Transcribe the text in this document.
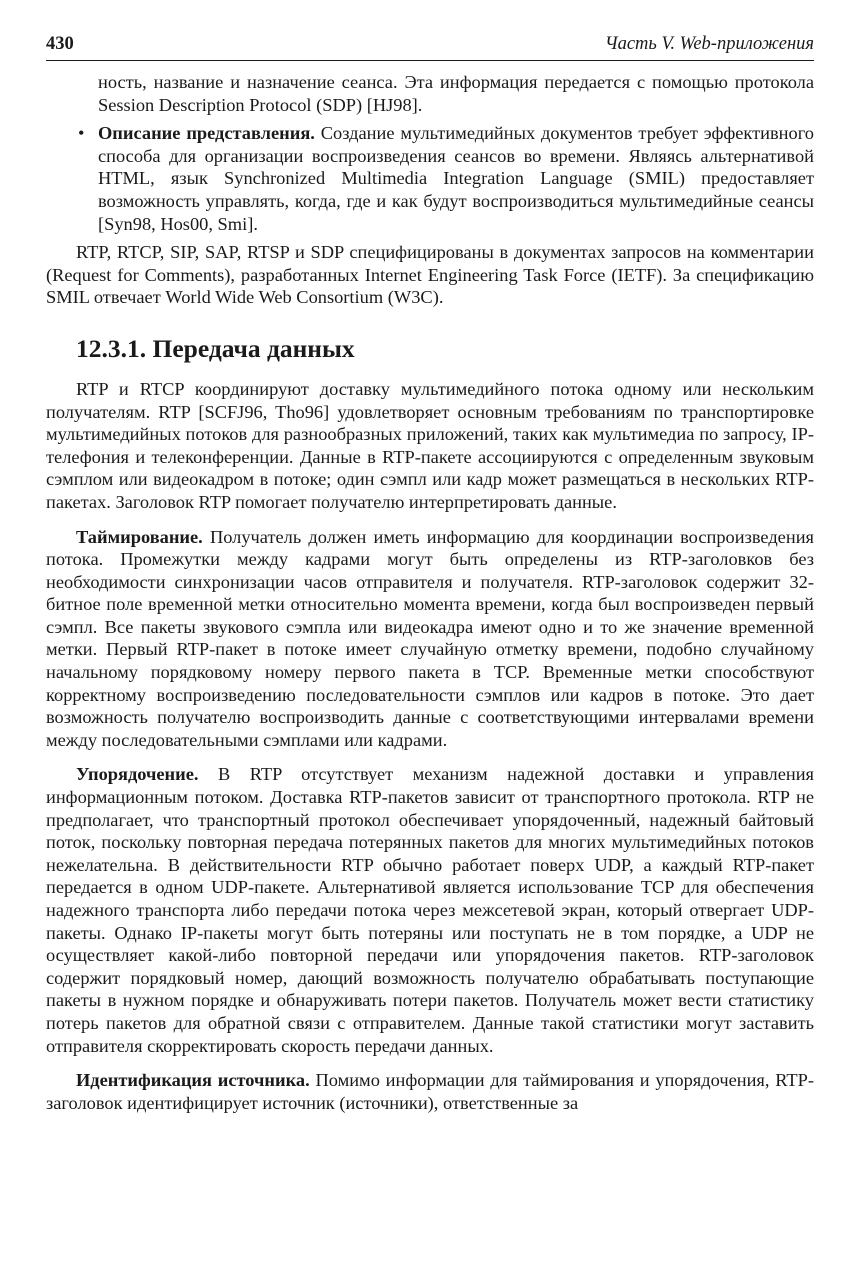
430	Часть V. Web-приложения
ность, название и назначение сеанса. Эта информация передается с помощью протокола Session Description Protocol (SDP) [HJ98].
• Описание представления. Создание мультимедийных документов требует эффективного способа для организации воспроизведения сеансов во времени. Являясь альтернативой HTML, язык Synchronized Multimedia Integration Language (SMIL) предоставляет возможность управлять, когда, где и как будут воспроизводиться мультимедийные сеансы [Syn98, Hos00, Smi].

RTP, RTCP, SIP, SAP, RTSP и SDP специфицированы в документах запросов на комментарии (Request for Comments), разработанных Internet Engineering Task Force (IETF). За спецификацию SMIL отвечает World Wide Web Consortium (W3C).

12.3.1. Передача данных

RTP и RTCP координируют доставку мультимедийного потока одному или нескольким получателям. RTP [SCFJ96, Tho96] удовлетворяет основным требованиям по транспортировке мультимедийных потоков для разнообразных приложений, таких как мультимедиа по запросу, IP-телефония и телеконференции. Данные в RTP-пакете ассоциируются с определенным звуковым сэмплом или видеокадром в потоке; один сэмпл или кадр может размещаться в нескольких RTP-пакетах. Заголовок RTP помогает получателю интерпретировать данные.

Таймирование. Получатель должен иметь информацию для координации воспроизведения потока. Промежутки между кадрами могут быть определены из RTP-заголовков без необходимости синхронизации часов отправителя и получателя. RTP-заголовок содержит 32-битное поле временной метки относительно момента времени, когда был воспроизведен первый сэмпл. Все пакеты звукового сэмпла или видеокадра имеют одно и то же значение временной метки. Первый RTP-пакет в потоке имеет случайную отметку времени, подобно случайному начальному порядковому номеру первого пакета в TCP. Временные метки способствуют корректному воспроизведению последовательности сэмплов или кадров в потоке. Это дает возможность получателю воспроизводить данные с соответствующими интервалами времени между последовательными сэмплами или кадрами.

Упорядочение. В RTP отсутствует механизм надежной доставки и управления информационным потоком. Доставка RTP-пакетов зависит от транспортного протокола. RTP не предполагает, что транспортный протокол обеспечивает упорядоченный, надежный байтовый поток, поскольку повторная передача потерянных пакетов для многих мультимедийных потоков нежелательна. В действительности RTP обычно работает поверх UDP, а каждый RTP-пакет передается в одном UDP-пакете. Альтернативой является использование TCP для обеспечения надежного транспорта либо передачи потока через межсетевой экран, который отвергает UDP-пакеты. Однако IP-пакеты могут быть потеряны или поступать не в том порядке, а UDP не осуществляет какой-либо повторной передачи или упорядочения пакетов. RTP-заголовок содержит порядковый номер, дающий возможность получателю обрабатывать поступающие пакеты в нужном порядке и обнаруживать потери пакетов. Получатель может вести статистику потерь пакетов для обратной связи с отправителем. Данные такой статистики могут заставить отправителя скорректировать скорость передачи данных.

Идентификация источника. Помимо информации для таймирования и упорядочения, RTP-заголовок идентифицирует источник (источники), ответственные за
